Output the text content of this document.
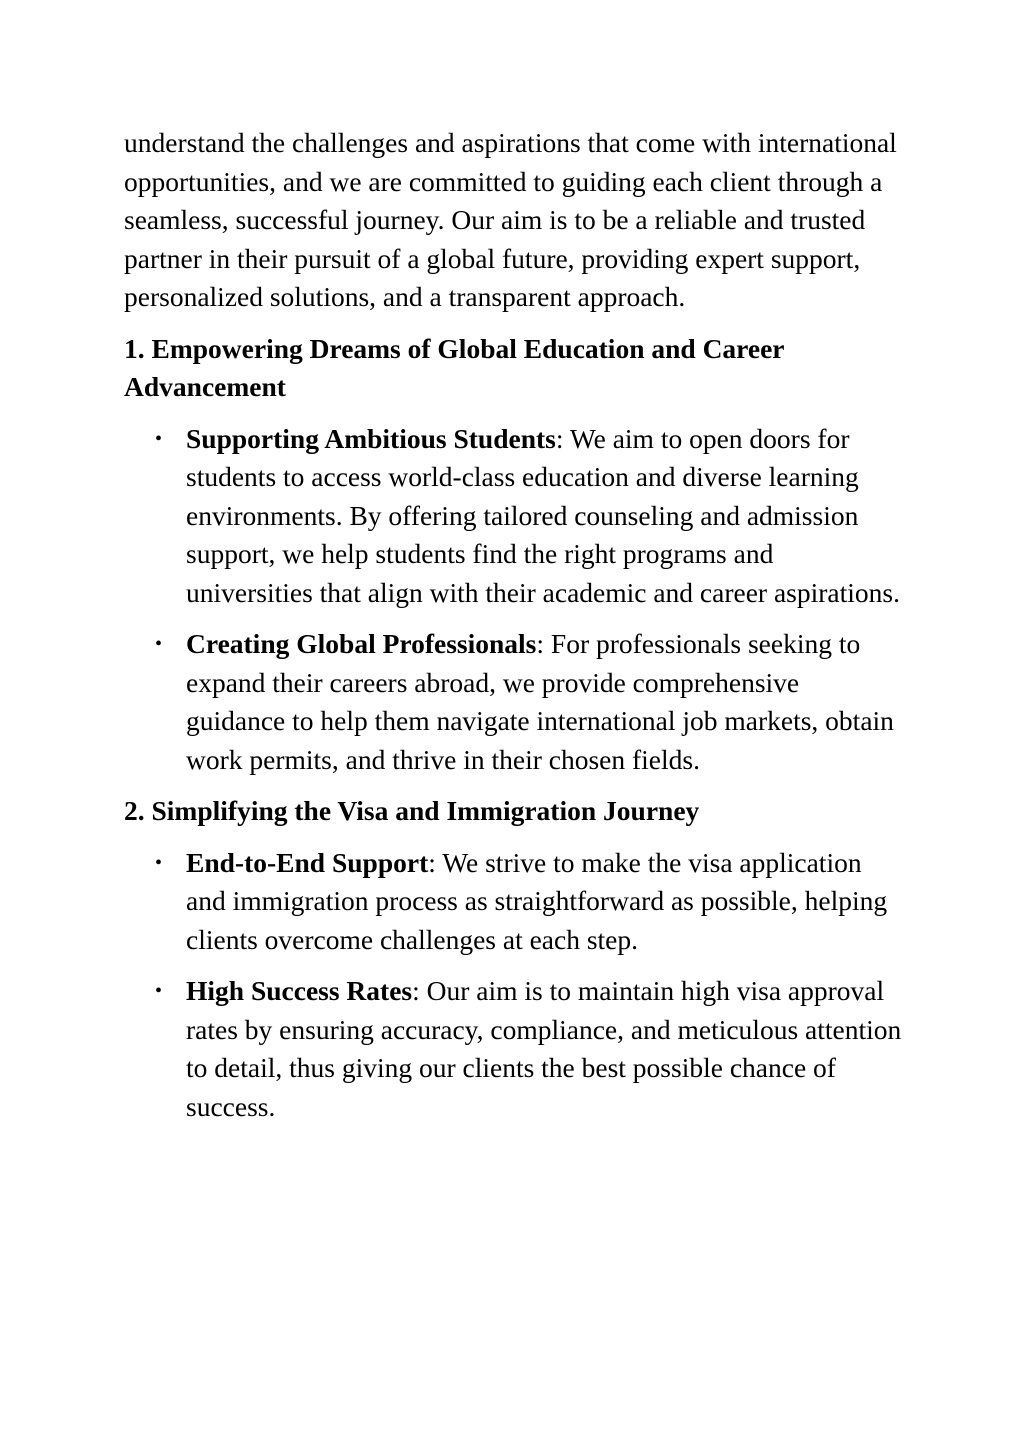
understand the challenges and aspirations that come with international opportunities, and we are committed to guiding each client through a seamless, successful journey. Our aim is to be a reliable and trusted partner in their pursuit of a global future, providing expert support, personalized solutions, and a transparent approach.

1. Empowering Dreams of Global Education and Career Advancement
• Supporting Ambitious Students: We aim to open doors for students to access world-class education and diverse learning environments. By offering tailored counseling and admission support, we help students find the right programs and universities that align with their academic and career aspirations.
• Creating Global Professionals: For professionals seeking to expand their careers abroad, we provide comprehensive guidance to help them navigate international job markets, obtain work permits, and thrive in their chosen fields.
2. Simplifying the Visa and Immigration Journey
• End-to-End Support: We strive to make the visa application and immigration process as straightforward as possible, helping clients overcome challenges at each step.
• High Success Rates: Our aim is to maintain high visa approval rates by ensuring accuracy, compliance, and meticulous attention to detail, thus giving our clients the best possible chance of success.
